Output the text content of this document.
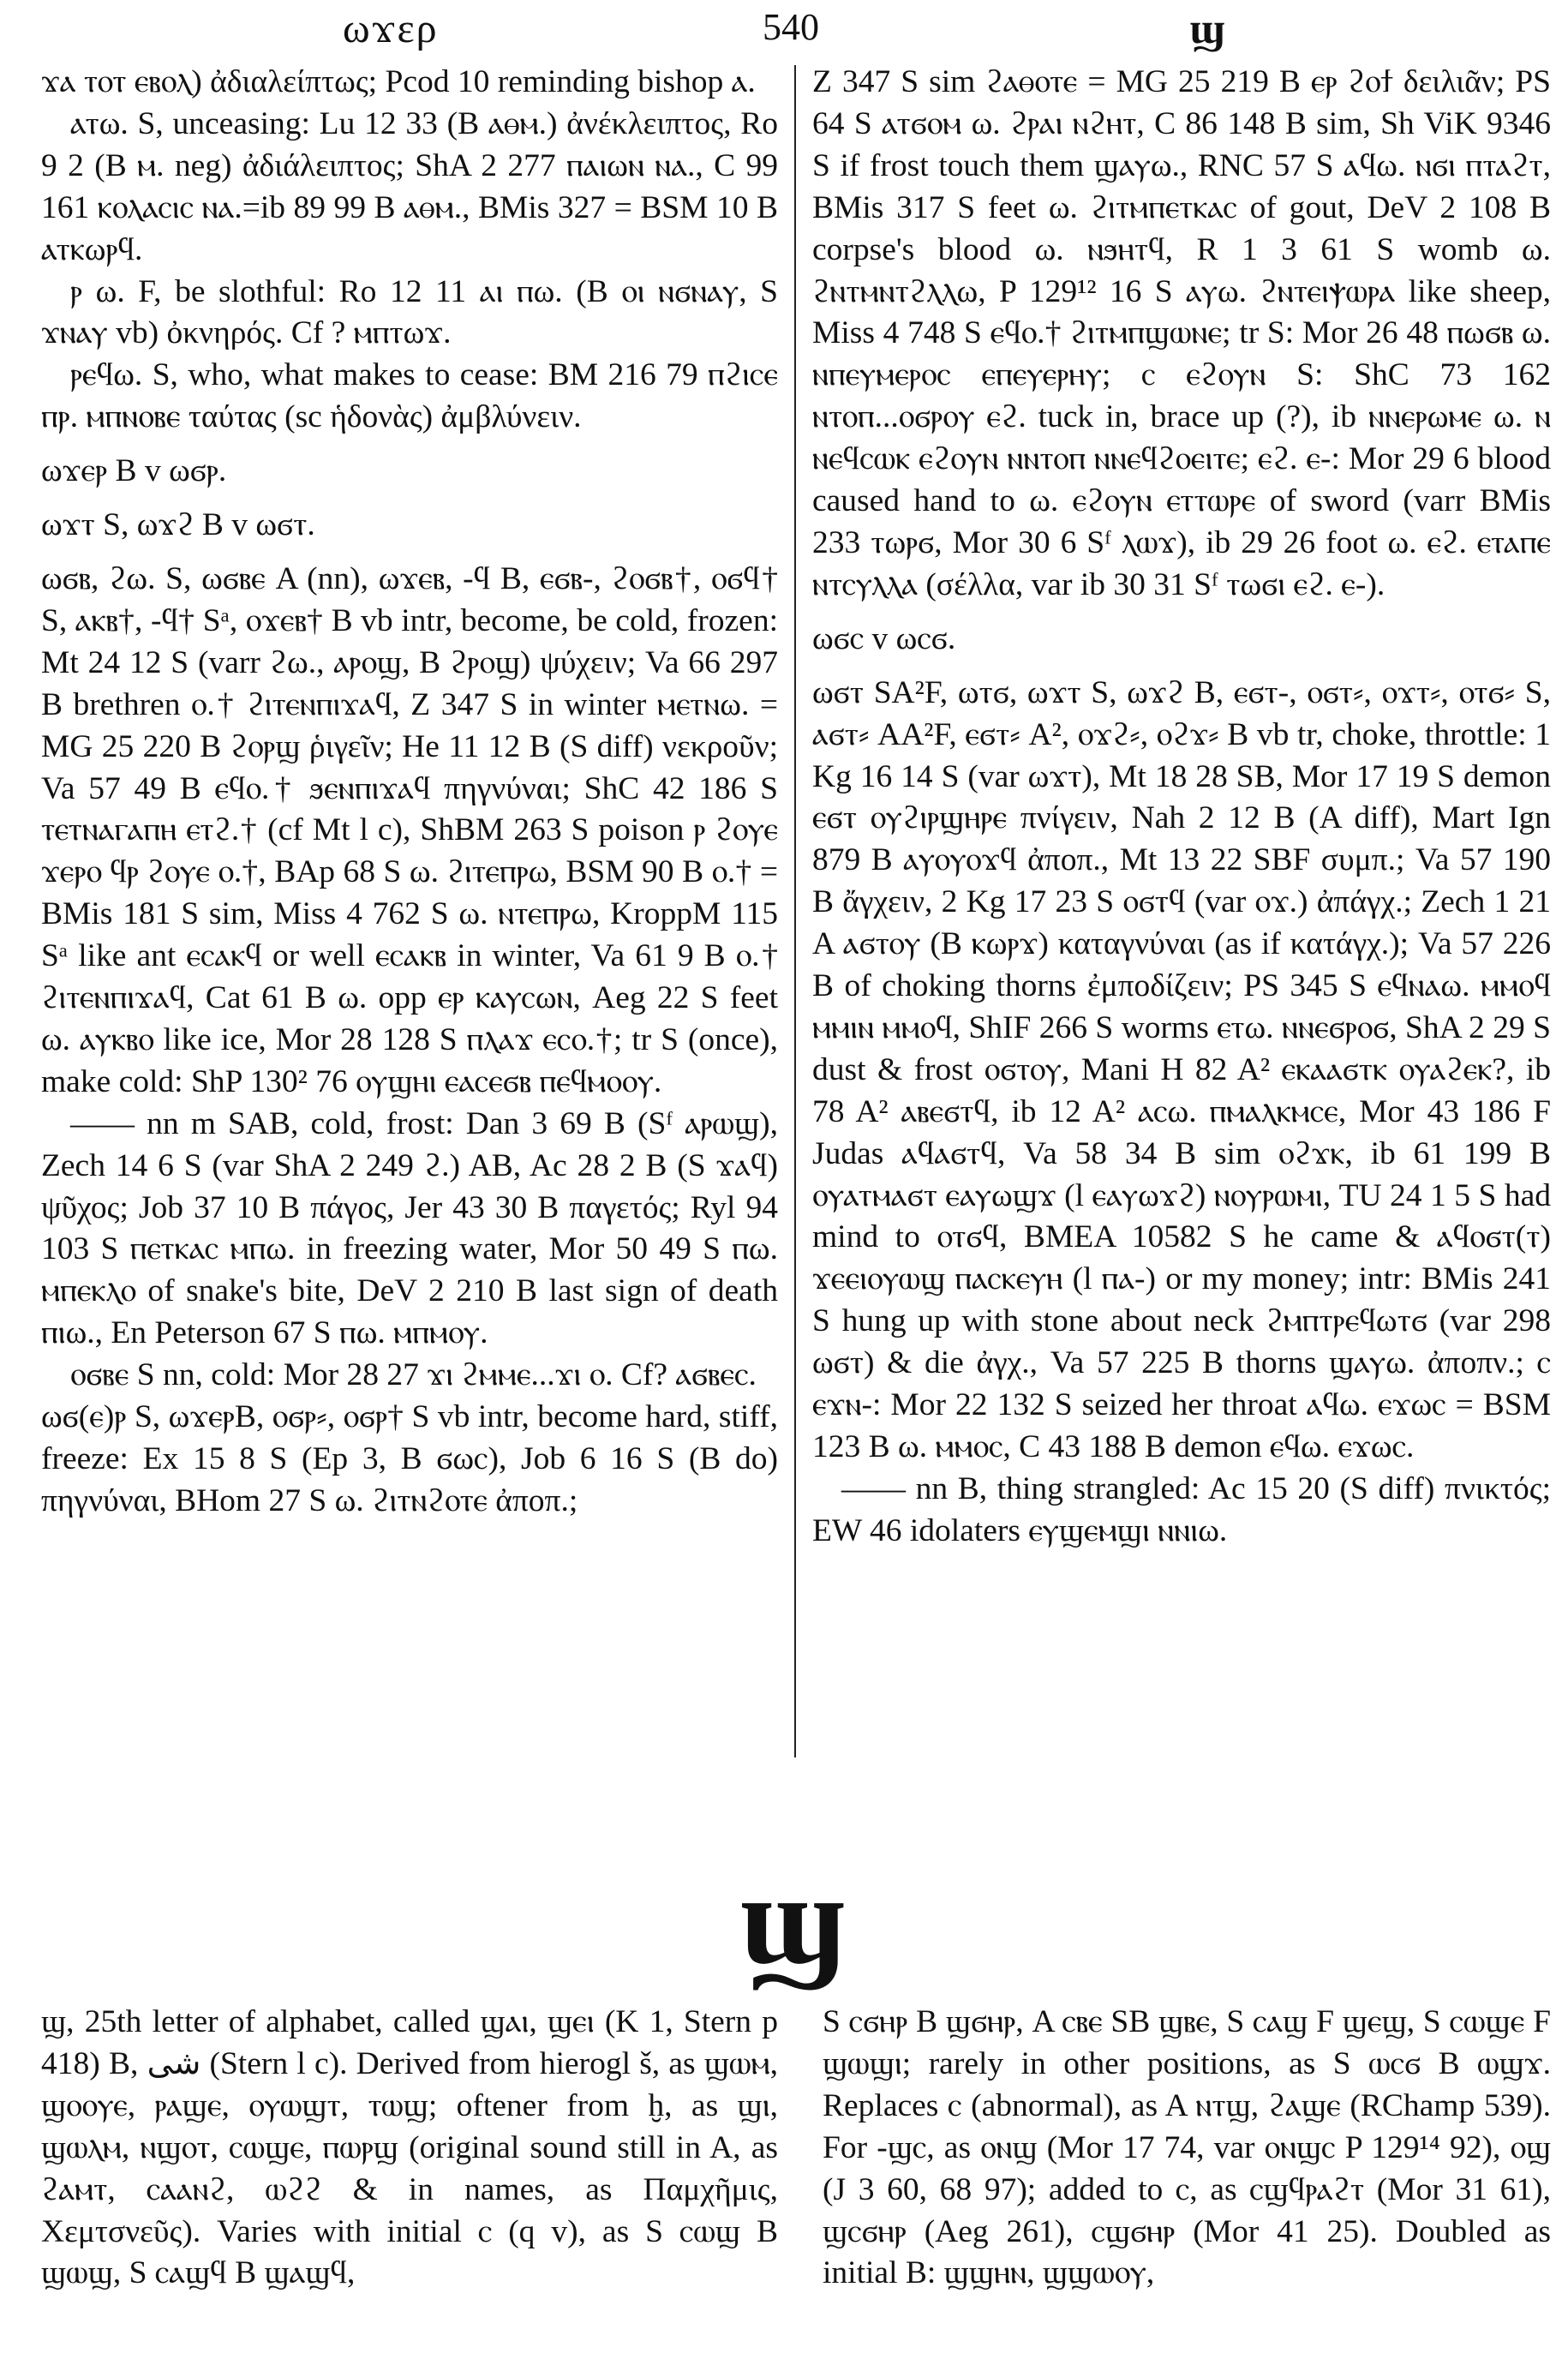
ωϫερ	540	ϣ

ϫⲁ ⲧⲟⲧ ⲉⲃⲟⲗ) ἀδιαλείπτως; Pcod 10 reminding bishop ⲁ.

ⲁⲧω. S, unceasing: Lu 12 33 (B ⲁⲑⲙ.) ἀνέκλειπτος, Ro 9 2 (B ⲙ. neg) ἀδιάλειπτος; ShA 2 277 ⲡⲁⲓωⲛ ⲛⲁ., C 99 161 ⲕⲟⲗⲁⲥⲓⲥ ⲛⲁ.=ib 89 99 B ⲁⲑⲙ., BMis 327 = BSM 10 B ⲁⲧⲕωⲣϥ.

ⲣ ω. F, be slothful: Ro 12 11 ⲁⲓ ⲡω. (B ⲟⲓ ⲛϭⲛⲁⲩ, S ϫⲛⲁⲩ vb) ὀκνηρός. Cf ? ⲙⲡⲧωϫ.

ⲣⲉϥω. S, who, what makes to cease: BM 216 79 ⲡϩⲓⲥⲉ ⲡⲣ. ⲙⲡⲛⲟⲃⲉ ταύτας (sc ἡδονὰς) ἀμβλύνειν.

ωϫⲉⲣ B v ωϭⲣ.

ωϫⲧ S, ωϫϩ B v ωϭⲧ.

ωϭⲃ, ϩω. S, ωϭⲃⲉ A (nn), ωϫⲉⲃ, -ϥ B, ⲉϭⲃ-, ϩⲟϭⲃ†, ⲟϭϥ† S, ⲁⲕⲃ†, -ϥ† Sᵃ, ⲟϫⲉⲃ† B vb intr, become, be cold, frozen: Mt 24 12 S (varr ϩω., ⲁⲣⲟϣ, B ϩⲣⲟϣ) ψύχειν; Va 66 297 B brethren ⲟ.† ϩⲓⲧⲉⲛⲡⲓϫⲁϥ, Z 347 S in winter ⲙⲉⲧⲛω. = MG 25 220 B ϩⲟⲣϣ ῥιγεῖν; He 11 12 B (S diff) νεκροῦν; Va 57 49 B ⲉϥⲟ.† ϧⲉⲛⲡⲓϫⲁϥ πηγνύναι; ShC 42 186 S ⲧⲉⲧⲛⲁⲅⲁⲡⲏ ⲉⲧϩ.† (cf Mt l c), ShBM 263 S poison ⲣ ϩⲟⲩⲉ ϫⲉⲣⲟ ϥⲣ ϩⲟⲩⲉ ⲟ.†, BAp 68 S ω. ϩⲓⲧⲉⲡⲣω, BSM 90 B ⲟ.† = BMis 181 S sim, Miss 4 762 S ω. ⲛⲧⲉⲡⲣω, KroppM 115 Sᵃ like ant ⲉⲥⲁⲕϥ or well ⲉⲥⲁⲕⲃ in winter, Va 61 9 B ⲟ.† ϩⲓⲧⲉⲛⲡⲓϫⲁϥ, Cat 61 B ω. opp ⲉⲣ ⲕⲁⲩⲥωⲛ, Aeg 22 S feet ω. ⲁⲩⲕⲃⲟ like ice, Mor 28 128 S ⲡⲗⲁϫ ⲉⲥⲟ.†; tr S (once), make cold: ShP 130² 76 ⲟⲩϣⲏⲓ ⲉⲁⲥⲉϭⲃ ⲡⲉϥⲙⲟⲟⲩ.

—— nn m SAB, cold, frost: Dan 3 69 B (Sᶠ ⲁⲣⲱϣ), Zech 14 6 S (var ShA 2 249 ϩ.) AB, Ac 28 2 B (S ϫⲁϥ) ψῦχος; Job 37 10 B πάγος, Jer 43 30 B παγετός; Ryl 94 103 S ⲡⲉⲧⲕⲁⲥ ⲙⲡω. in freezing water, Mor 50 49 S ⲡω. ⲙⲡⲉⲕⲗⲟ of snake's bite, DeV 2 210 B last sign of death ⲡⲓω., En Peterson 67 S ⲡω. ⲙⲡⲙⲟⲩ.

ⲟϭⲃⲉ S nn, cold: Mor 28 27 ϫⲓ ϩⲙⲙⲉ...ϫⲓ ⲟ. Cf? ⲁϭⲃⲉⲥ.

ωϭ(ⲉ)ⲣ S, ωϫⲉⲣB, ⲟϭⲣ⸗, ⲟϭⲣ† S vb intr, become hard, stiff, freeze: Ex 15 8 S (Ep 3, B ϭωⲥ), Job 6 16 S (B do) πηγνύναι, BHom 27 S ω. ϩⲓⲧⲛϩⲟⲧⲉ ἀποπ.;

Z 347 S sim ϩⲁⲑⲟⲧⲉ = MG 25 219 B ⲉⲣ ϩⲟϯ δειλιᾶν; PS 64 S ⲁⲧϭⲟⲙ ω. ϩⲣⲁⲓ ⲛϩⲏⲧ, C 86 148 B sim, Sh ViK 9346 S if frost touch them ϣⲁⲩω., RNC 57 S ⲁϥω. ⲛϭⲓ ⲡⲧⲁϩⲧ, BMis 317 S feet ω. ϩⲓⲧⲙⲡⲉⲧⲕⲁⲥ of gout, DeV 2 108 B corpse's blood ω. ⲛϧⲏⲧϥ, R 1 3 61 S womb ω. ϩⲛⲧⲙⲛⲧϩⲗⲗω, P 129¹² 16 S ⲁⲩω. ϩⲛⲧⲉⲓⲯⲱⲣⲁ like sheep, Miss 4 748 S ⲉϥⲟ.† ϩⲓⲧⲙⲡϣⲱⲛⲉ; tr S: Mor 26 48 ⲡωϭⲃ ω. ⲛⲡⲉⲩⲙⲉⲣⲟⲥ ⲉⲡⲉⲩⲉⲣⲏⲩ; ⲥ ⲉϩⲟⲩⲛ S: ShC 73 162 ⲛⲧⲟⲡ...ⲟϭⲣⲟⲩ ⲉϩ. tuck in, brace up (?), ib ⲛⲛⲉⲣωⲙⲉ ω. ⲛ ⲛⲉϥⲥⲱⲕ ⲉϩⲟⲩⲛ ⲛⲛⲧⲟⲡ ⲛⲛⲉϥϩⲟⲉⲓⲧⲉ; ⲉϩ. ⲉ-: Mor 29 6 blood caused hand to ω. ⲉϩⲟⲩⲛ ⲉⲧⲧⲱⲣⲉ of sword (varr BMis 233 ⲧωⲣϭ, Mor 30 6 Sᶠ ⲗⲱϫ), ib 29 26 foot ω. ⲉϩ. ⲉⲧⲁⲡⲉ ⲛⲧⲥⲩⲗⲗⲁ (σέλλα, var ib 30 31 Sᶠ ⲧωϭⲓ ⲉϩ. ⲉ-).

ωϭⲥ v ωⲥϭ.

ωϭⲧ SA²F, ωⲧϭ, ωϫⲧ S, ωϫϩ B, ⲉϭⲧ-, ⲟϭⲧ⸗, ⲟϫⲧ⸗, ⲟⲧϭ⸗ S, ⲁϭⲧ⸗ AA²F, ⲉϭⲧ⸗ A², ⲟϫϩ⸗, ⲟϩϫ⸗ B vb tr, choke, throttle: 1 Kg 16 14 S (var ωϫⲧ), Mt 18 28 SB, Mor 17 19 S demon ⲉϭⲧ ⲟⲩϩⲓⲣϣⲏⲣⲉ πνίγειν, Nah 2 12 B (A diff), Mart Ign 879 B ⲁⲩⲟⲩⲟϫϥ ἀποπ., Mt 13 22 SBF συμπ.; Va 57 190 B ἄγχειν, 2 Kg 17 23 S ⲟϭⲧϥ (var ⲟϫ.) ἀπάγχ.; Zech 1 21 A ⲁϭⲧⲟⲩ (B ⲕωⲣϫ) καταγνύναι (as if κατάγχ.); Va 57 226 B of choking thorns ἐμποδίζειν; PS 345 S ⲉϥⲛⲁω. ⲙⲙⲟϥ ⲙⲙⲓⲛ ⲙⲙⲟϥ, ShIF 266 S worms ⲉⲧω. ⲛⲛⲉϭⲣⲟϭ, ShA 2 29 S dust & frost ⲟϭⲧⲟⲩ, Mani H 82 A² ⲉⲕⲁⲁϭⲧⲕ ⲟⲩⲁϩⲉⲕ?, ib 78 A² ⲁⲃⲉϭⲧϥ, ib 12 A² ⲁⲥω. ⲡⲙⲁⲗⲕⲙⲥⲉ, Mor 43 186 F Judas ⲁϥⲁϭⲧϥ, Va 58 34 B sim ⲟϩϫⲕ, ib 61 199 B ⲟⲩⲁⲧⲙⲁϭⲧ ⲉⲁⲩωϣϫ (l ⲉⲁⲩωϫϩ) ⲛⲟⲩⲣⲱⲙⲓ, TU 24 1 5 S had mind to ⲟⲧϭϥ, BMEA 10582 S he came & ⲁϥⲟϭⲧ(ⲧ) ϫⲉⲉⲓⲟⲩⲱϣ ⲡⲁⲥⲕⲉⲩⲏ (l ⲡⲁ-) or my money; intr: BMis 241 S hung up with stone about neck ϩⲙⲡⲧⲣⲉϥωⲧϭ (var 298 ωϭⲧ) & die ἀγχ., Va 57 225 B thorns ϣⲁⲩω. ἀποπν.; ⲥ ⲉϫⲛ-: Mor 22 132 S seized her throat ⲁϥω. ⲉϫωⲥ = BSM 123 B ω. ⲙⲙⲟⲥ, C 43 188 B demon ⲉϥω. ⲉϫωⲥ.

—— nn B, thing strangled: Ac 15 20 (S diff) πνικτός; EW 46 idolaters ⲉⲩϣⲉⲙϣⲓ ⲛⲛⲓω.

ϣ

ϣ, 25th letter of alphabet, called ϣⲁⲓ, ϣⲉⲓ (K 1, Stern p 418) B, ﺷﻰ (Stern l c). Derived from hierogl š, as ϣⲱⲙ, ϣⲟⲟⲩⲉ, ⲣⲁϣⲉ, ⲟⲩⲱϣⲧ, ⲧⲱϣ; oftener from ḫ, as ϣⲓ, ϣⲱⲗⲙ, ⲛϣⲟⲧ, ⲥⲱϣⲉ, ⲡⲱⲣϣ (original sound still in A, as ϩⲁⲙⲧ, ⲥⲁⲁⲛϩ, ⲱϩϩ & in names, as Παμχῆμις, Χεμτσνεῦς). Varies with initial ⲥ (q v), as S ⲥⲱϣ B ϣⲱϣ, S ⲥⲁϣϥ B ϣⲁϣϥ,

S ⲥϭⲏⲣ B ϣϭⲏⲣ, A ⲥⲃⲉ SB ϣⲃⲉ, S ⲥⲁϣ F ϣⲉϣ, S ⲥⲱϣⲉ F ϣⲱϣⲓ; rarely in other positions, as S ⲱⲥϭ B ⲱϣϫ. Replaces ⲥ (abnormal), as A ⲛⲧϣ, ϩⲁϣⲉ (RChamp 539). For -ϣⲥ, as ⲟⲛϣ (Mor 17 74, var ⲟⲛϣⲥ P 129¹⁴ 92), ⲟϣ (J 3 60, 68 97); added to ⲥ, as ⲥϣϥⲣⲁϩⲧ (Mor 31 61), ϣⲥϭⲏⲣ (Aeg 261), ⲥϣϭⲏⲣ (Mor 41 25). Doubled as initial B: ϣϣⲏⲛ, ϣϣⲱⲟⲩ,
